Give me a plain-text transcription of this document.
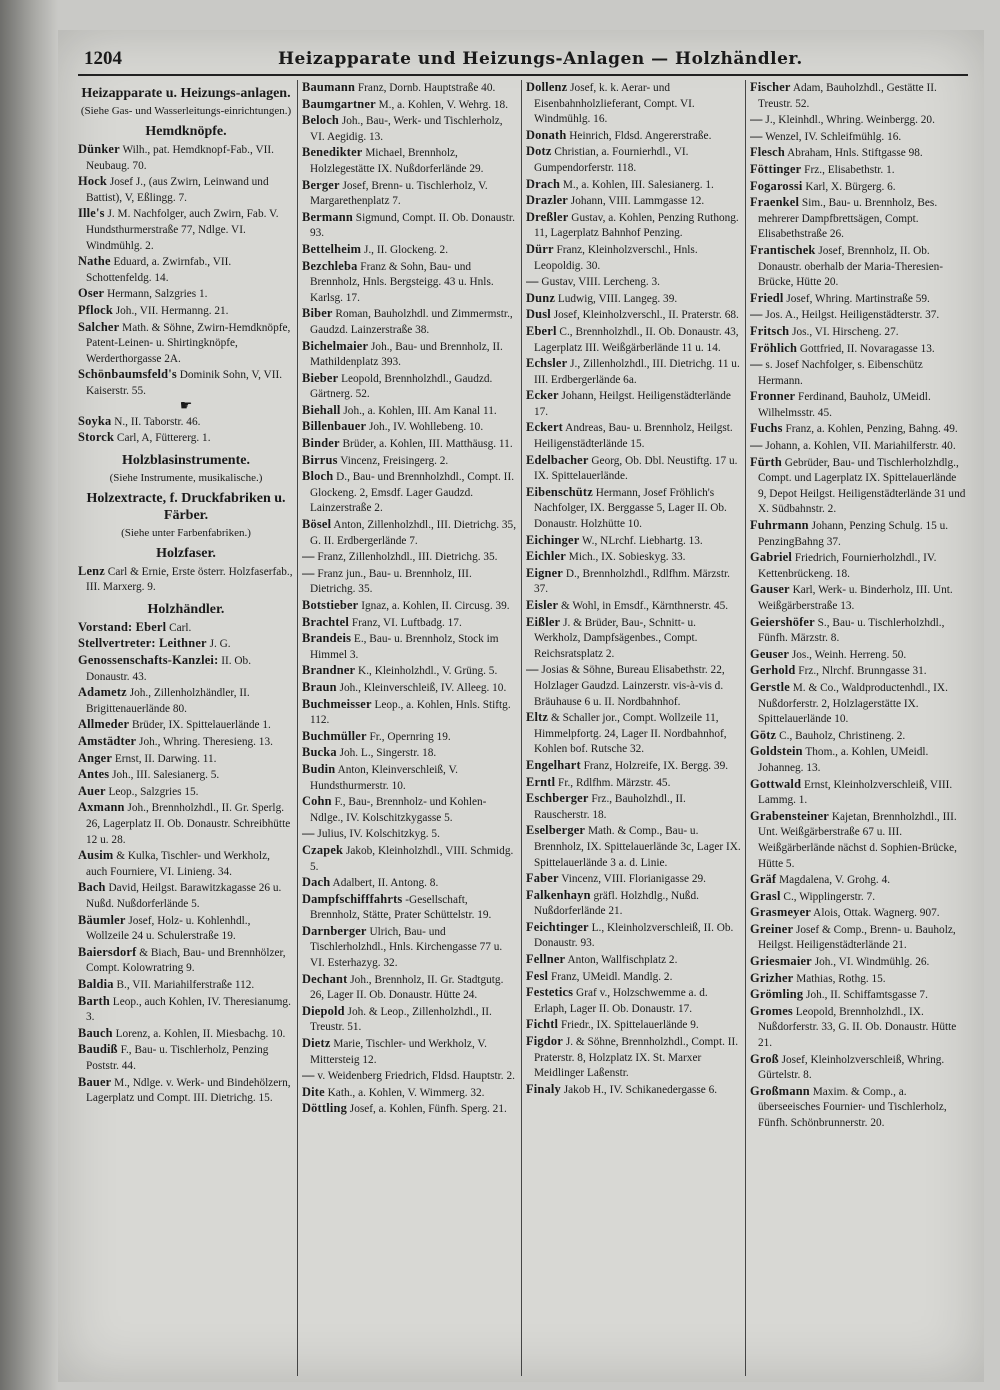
1204	Heizapparate und Heizungs-Anlagen — Holzhändler.
Heizapparate u. Heizungs-anlagen.
(Siehe Gas- und Wasserleitungs-einrichtungen.)
Hemdknöpfe.

Dünker Wilh., pat. Hemdknopf-Fab., VII. Neubaug. 70.

Hock Josef J., (aus Zwirn, Leinwand und Battist), V, Eßlingg. 7.

Ille's J. M. Nachfolger, auch Zwirn, Fab. V. Hundsthurmerstraße 77, Ndlge. VI. Windmühlg. 2.

Nathe Eduard, a. Zwirnfab., VII. Schottenfeldg. 14.

Oser Hermann, Salzgries 1.

Pflock Joh., VII. Hermanng. 21.

Salcher Math. & Söhne, Zwirn-Hemdknöpfe, Patent-Leinen- u. Shirtingknöpfe, Werderthorgasse 2A.

Schönbaumsfeld's Dominik Sohn, V, VII. Kaiserstr. 55.

☛

Soyka N., II. Taborstr. 46.

Storck Carl, A, Füttererg. 1.

Holzblasinstrumente.
(Siehe Instrumente, musikalische.)
Holzextracte, f. Druckfabriken u. Färber.
(Siehe unter Farbenfabriken.)
Holzfaser.

Lenz Carl & Ernie, Erste österr. Holzfaserfab., III. Marxerg. 9.

Holzhändler.

Vorstand: Eberl Carl.

Stellvertreter: Leithner J. G.

Genossenschafts-Kanzlei: II. Ob. Donaustr. 43.

Adametz Joh., Zillenholzhändler, II. Brigittenauerlände 80.

Allmeder Brüder, IX. Spittelauerlände 1.

Amstädter Joh., Whring. Theresieng. 13.

Anger Ernst, II. Darwing. 11.

Antes Joh., III. Salesianerg. 5.

Auer Leop., Salzgries 15.

Axmann Joh., Brennholzhdl., II. Gr. Sperlg. 26, Lagerplatz II. Ob. Donaustr. Schreibhütte 12 u. 28.

Ausim & Kulka, Tischler- und Werkholz, auch Fourniere, VI. Linieng. 34.

Bach David, Heilgst. Barawitzkagasse 26 u. Nußd. Nußdorferlände 5.

Bäumler Josef, Holz- u. Kohlenhdl., Wollzeile 24 u. Schulerstraße 19.

Baiersdorf & Biach, Bau- und Brennhölzer, Compt. Kolowratring 9.

Baldia B., VII. Mariahilferstraße 112.

Barth Leop., auch Kohlen, IV. Theresianumg. 3.

Bauch Lorenz, a. Kohlen, II. Miesbachg. 10.

Baudiß F., Bau- u. Tischlerholz, Penzing Poststr. 44.

Bauer M., Ndlge. v. Werk- und Bindehölzern, Lagerplatz und Compt. III. Dietrichg. 15.

Baumann Franz, Dornb. Hauptstraße 40.

Baumgartner M., a. Kohlen, V. Wehrg. 18.

Beloch Joh., Bau-, Werk- und Tischlerholz, VI. Aegidig. 13.

Benedikter Michael, Brennholz, Holzlegestätte IX. Nußdorferlände 29.

Berger Josef, Brenn- u. Tischlerholz, V. Margarethenplatz 7.

Bermann Sigmund, Compt. II. Ob. Donaustr. 93.

Bettelheim J., II. Glockeng. 2.

Bezchleba Franz & Sohn, Bau- und Brennholz, Hnls. Bergsteigg. 43 u. Hnls. Karlsg. 17.

Biber Roman, Bauholzhdl. und Zimmermstr., Gaudzd. Lainzerstraße 38.

Bichelmaier Joh., Bau- und Brennholz, II. Mathildenplatz 393.

Bieber Leopold, Brennholzhdl., Gaudzd. Gärtnerg. 52.

Biehall Joh., a. Kohlen, III. Am Kanal 11.

Billenbauer Joh., IV. Wohllebeng. 10.

Binder Brüder, a. Kohlen, III. Matthäusg. 11.

Birrus Vincenz, Freisingerg. 2.

Bloch D., Bau- und Brennholzhdl., Compt. II. Glockeng. 2, Emsdf. Lager Gaudzd. Lainzerstraße 2.

Bösel Anton, Zillenholzhdl., III. Dietrichg. 35, G. II. Erdbergerlände 7.

— Franz, Zillenholzhdl., III. Dietrichg. 35.

— Franz jun., Bau- u. Brennholz, III. Dietrichg. 35.

Botstieber Ignaz, a. Kohlen, II. Circusg. 39.

Brachtel Franz, VI. Luftbadg. 17.

Brandeis E., Bau- u. Brennholz, Stock im Himmel 3.

Brandner K., Kleinholzhdl., V. Grüng. 5.

Braun Joh., Kleinverschleiß, IV. Alleeg. 10.

Buchmeisser Leop., a. Kohlen, Hnls. Stiftg. 112.

Buchmüller Fr., Opernring 19.

Bucka Joh. L., Singerstr. 18.

Budin Anton, Kleinverschleiß, V. Hundsthurmerstr. 10.

Cohn F., Bau-, Brennholz- und Kohlen-Ndlge., IV. Kolschitzkygasse 5.

— Julius, IV. Kolschitzkyg. 5.

Czapek Jakob, Kleinholzhdl., VIII. Schmidg. 5.

Dach Adalbert, II. Antong. 8.

Dampfschifffahrts -Gesellschaft, Brennholz, Stätte, Prater Schüttelstr. 19.

Darnberger Ulrich, Bau- und Tischlerholzhdl., Hnls. Kirchengasse 77 u. VI. Esterhazyg. 32.

Dechant Joh., Brennholz, II. Gr. Stadtgutg. 26, Lager II. Ob. Donaustr. Hütte 24.

Diepold Joh. & Leop., Zillenholzhdl., II. Treustr. 51.

Dietz Marie, Tischler- und Werkholz, V. Mittersteig 12.

— v. Weidenberg Friedrich, Fldsd. Hauptstr. 2.

Dite Kath., a. Kohlen, V. Wimmerg. 32.

Döttling Josef, a. Kohlen, Fünfh. Sperg. 21.

Dollenz Josef, k. k. Aerar- und Eisenbahnholzlieferant, Compt. VI. Windmühlg. 16.

Donath Heinrich, Fldsd. Angererstraße.

Dotz Christian, a. Fournierhdl., VI. Gumpendorferstr. 118.

Drach M., a. Kohlen, III. Salesianerg. 1.

Drazler Johann, VIII. Lammgasse 12.

Dreßler Gustav, a. Kohlen, Penzing Ruthong. 11, Lagerplatz Bahnhof Penzing.

Dürr Franz, Kleinholzverschl., Hnls. Leopoldig. 30.

— Gustav, VIII. Lercheng. 3.

Dunz Ludwig, VIII. Langeg. 39.

Dusl Josef, Kleinholzverschl., II. Praterstr. 68.

Eberl C., Brennholzhdl., II. Ob. Donaustr. 43, Lagerplatz III. Weißgärberlände 11 u. 14.

Echsler J., Zillenholzhdl., III. Dietrichg. 11 u. III. Erdbergerlände 6a.

Ecker Johann, Heilgst. Heiligenstädterlände 17.

Eckert Andreas, Bau- u. Brennholz, Heilgst. Heiligenstädterlände 15.

Edelbacher Georg, Ob. Dbl. Neustiftg. 17 u. IX. Spittelauerlände.

Eibenschütz Hermann, Josef Fröhlich's Nachfolger, IX. Berggasse 5, Lager II. Ob. Donaustr. Holzhütte 10.

Eichinger W., NLrchf. Liebhartg. 13.

Eichler Mich., IX. Sobieskyg. 33.

Eigner D., Brennholzhdl., Rdlfhm. Märzstr. 37.

Eisler & Wohl, in Emsdf., Kärnthnerstr. 45.

Eißler J. & Brüder, Bau-, Schnitt- u. Werkholz, Dampfsägenbes., Compt. Reichsratsplatz 2.

— Josias & Söhne, Bureau Elisabethstr. 22, Holzlager Gaudzd. Lainzerstr. vis-à-vis d. Bräuhause 6 u. II. Nordbahnhof.

Eltz & Schaller jor., Compt. Wollzeile 11, Himmelpfortg. 24, Lager II. Nordbahnhof, Kohlen bof. Rutsche 32.

Engelhart Franz, Holzreife, IX. Bergg. 39.

Erntl Fr., Rdlfhm. Märzstr. 45.

Eschberger Frz., Bauholzhdl., II. Rauscherstr. 18.

Eselberger Math. & Comp., Bau- u. Brennholz, IX. Spittelauerlände 3c, Lager IX. Spittelauerlände 3 a. d. Linie.

Faber Vincenz, VIII. Florianigasse 29.

Falkenhayn gräfl. Holzhdlg., Nußd. Nußdorferlände 21.

Feichtinger L., Kleinholzverschleiß, II. Ob. Donaustr. 93.

Fellner Anton, Wallfischplatz 2.

Fesl Franz, UMeidl. Mandlg. 2.

Festetics Graf v., Holzschwemme a. d. Erlaph, Lager II. Ob. Donaustr. 17.

Fichtl Friedr., IX. Spittelauerlände 9.

Figdor J. & Söhne, Brennholzhdl., Compt. II. Praterstr. 8, Holzplatz IX. St. Marxer Meidlinger Laßenstr.

Finaly Jakob H., IV. Schikanedergasse 6.

Fischer Adam, Bauholzhdl., Gestätte II. Treustr. 52.

— J., Kleinhdl., Whring. Weinbergg. 20.

— Wenzel, IV. Schleifmühlg. 16.

Flesch Abraham, Hnls. Stiftgasse 98.

Föttinger Frz., Elisabethstr. 1.

Fogarossi Karl, X. Bürgerg. 6.

Fraenkel Sim., Bau- u. Brennholz, Bes. mehrerer Dampfbrettsägen, Compt. Elisabethstraße 26.

Frantischek Josef, Brennholz, II. Ob. Donaustr. oberhalb der Maria-Theresien-Brücke, Hütte 20.

Friedl Josef, Whring. Martinstraße 59.

— Jos. A., Heilgst. Heiligenstädterstr. 37.

Fritsch Jos., VI. Hirscheng. 27.

Fröhlich Gottfried, II. Novaragasse 13.

— s. Josef Nachfolger, s. Eibenschütz Hermann.

Fronner Ferdinand, Bauholz, UMeidl. Wilhelmsstr. 45.

Fuchs Franz, a. Kohlen, Penzing, Bahng. 49.

— Johann, a. Kohlen, VII. Mariahilferstr. 40.

Fürth Gebrüder, Bau- und Tischlerholzhdlg., Compt. und Lagerplatz IX. Spittelauerlände 9, Depot Heilgst. Heiligenstädterlände 31 und X. Südbahnstr. 2.

Fuhrmann Johann, Penzing Schulg. 15 u. PenzingBahng 37.

Gabriel Friedrich, Fournierholzhdl., IV. Kettenbrückeng. 18.

Gauser Karl, Werk- u. Binderholz, III. Unt. Weißgärberstraße 13.

Geiershöfer S., Bau- u. Tischlerholzhdl., Fünfh. Märzstr. 8.

Geuser Jos., Weinh. Herreng. 50.

Gerhold Frz., Nlrchf. Brunngasse 31.

Gerstle M. & Co., Waldproductenhdl., IX. Nußdorferstr. 2, Holzlagerstätte IX. Spittelauerlände 10.

Götz C., Bauholz, Christineng. 2.

Goldstein Thom., a. Kohlen, UMeidl. Johanneg. 13.

Gottwald Ernst, Kleinholzverschleiß, VIII. Lammg. 1.

Grabensteiner Kajetan, Brennholzhdl., III. Unt. Weißgärberstraße 67 u. III. Weißgärberlände nächst d. Sophien-Brücke, Hütte 5.

Gräf Magdalena, V. Grohg. 4.

Grasl C., Wipplingerstr. 7.

Grasmeyer Alois, Ottak. Wagnerg. 907.

Greiner Josef & Comp., Brenn- u. Bauholz, Heilgst. Heiligenstädterlände 21.

Griesmaier Joh., VI. Windmühlg. 26.

Grizher Mathias, Rothg. 15.

Grömling Joh., II. Schiffamtsgasse 7.

Gromes Leopold, Brennholzhdl., IX. Nußdorferstr. 33, G. II. Ob. Donaustr. Hütte 21.

Groß Josef, Kleinholzverschleiß, Whring. Gürtelstr. 8.

Großmann Maxim. & Comp., a. überseeisches Fournier- und Tischlerholz, Fünfh. Schönbrunnerstr. 20.
